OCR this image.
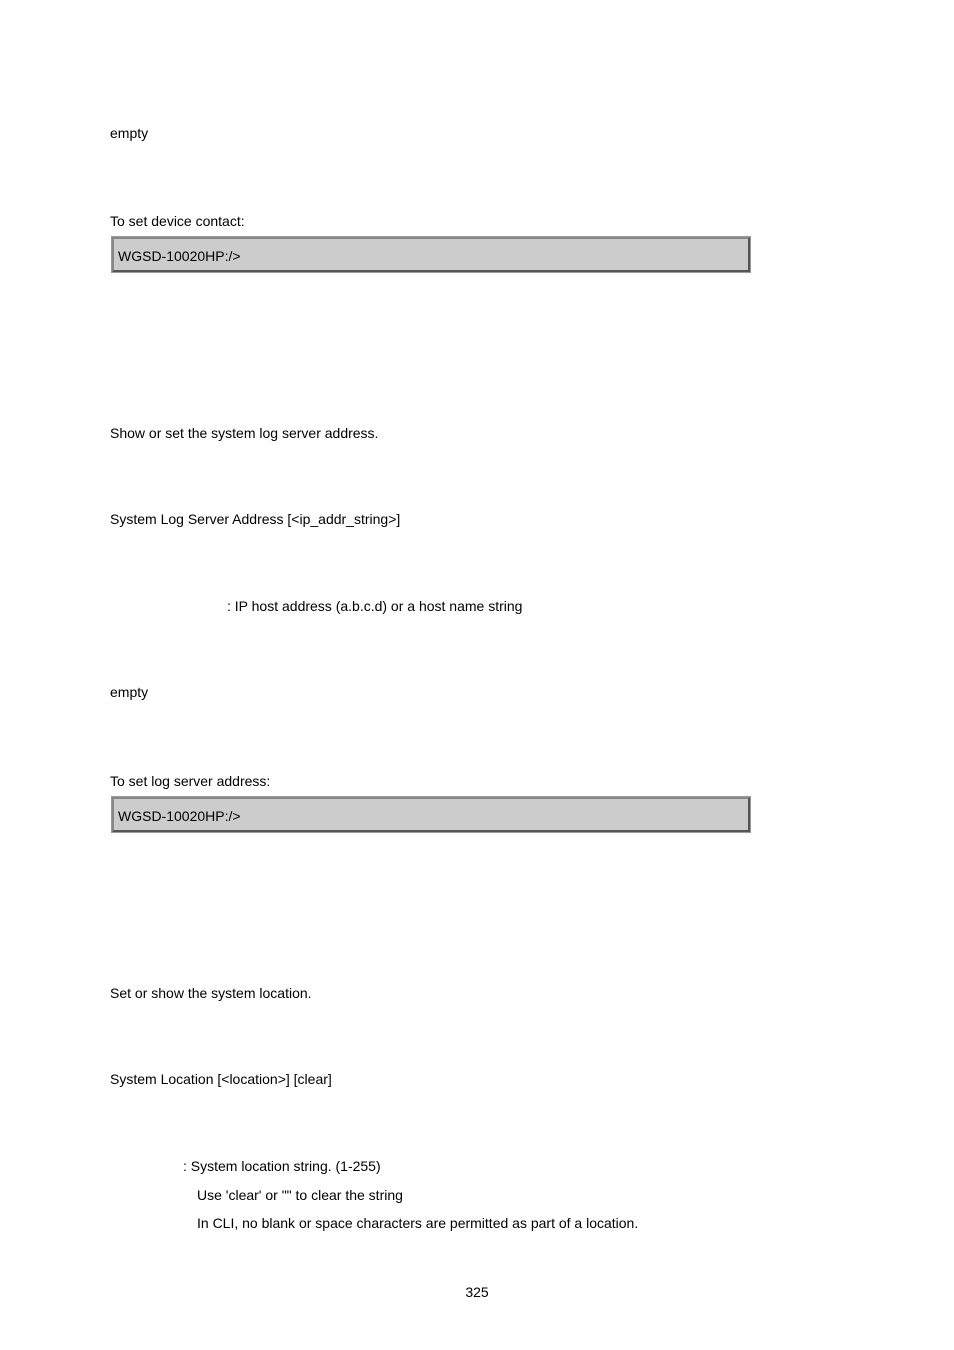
empty
To set device contact:
WGSD-10020HP:/>
Show or set the system log server address.
System Log Server Address [<ip_addr_string>]
: IP host address (a.b.c.d) or a host name string
empty
To set log server address:
WGSD-10020HP:/>
Set or show the system location.
System Location [<location>] [clear]
: System location string. (1-255)
Use 'clear' or "" to clear the string
In CLI, no blank or space characters are permitted as part of a location.
325
